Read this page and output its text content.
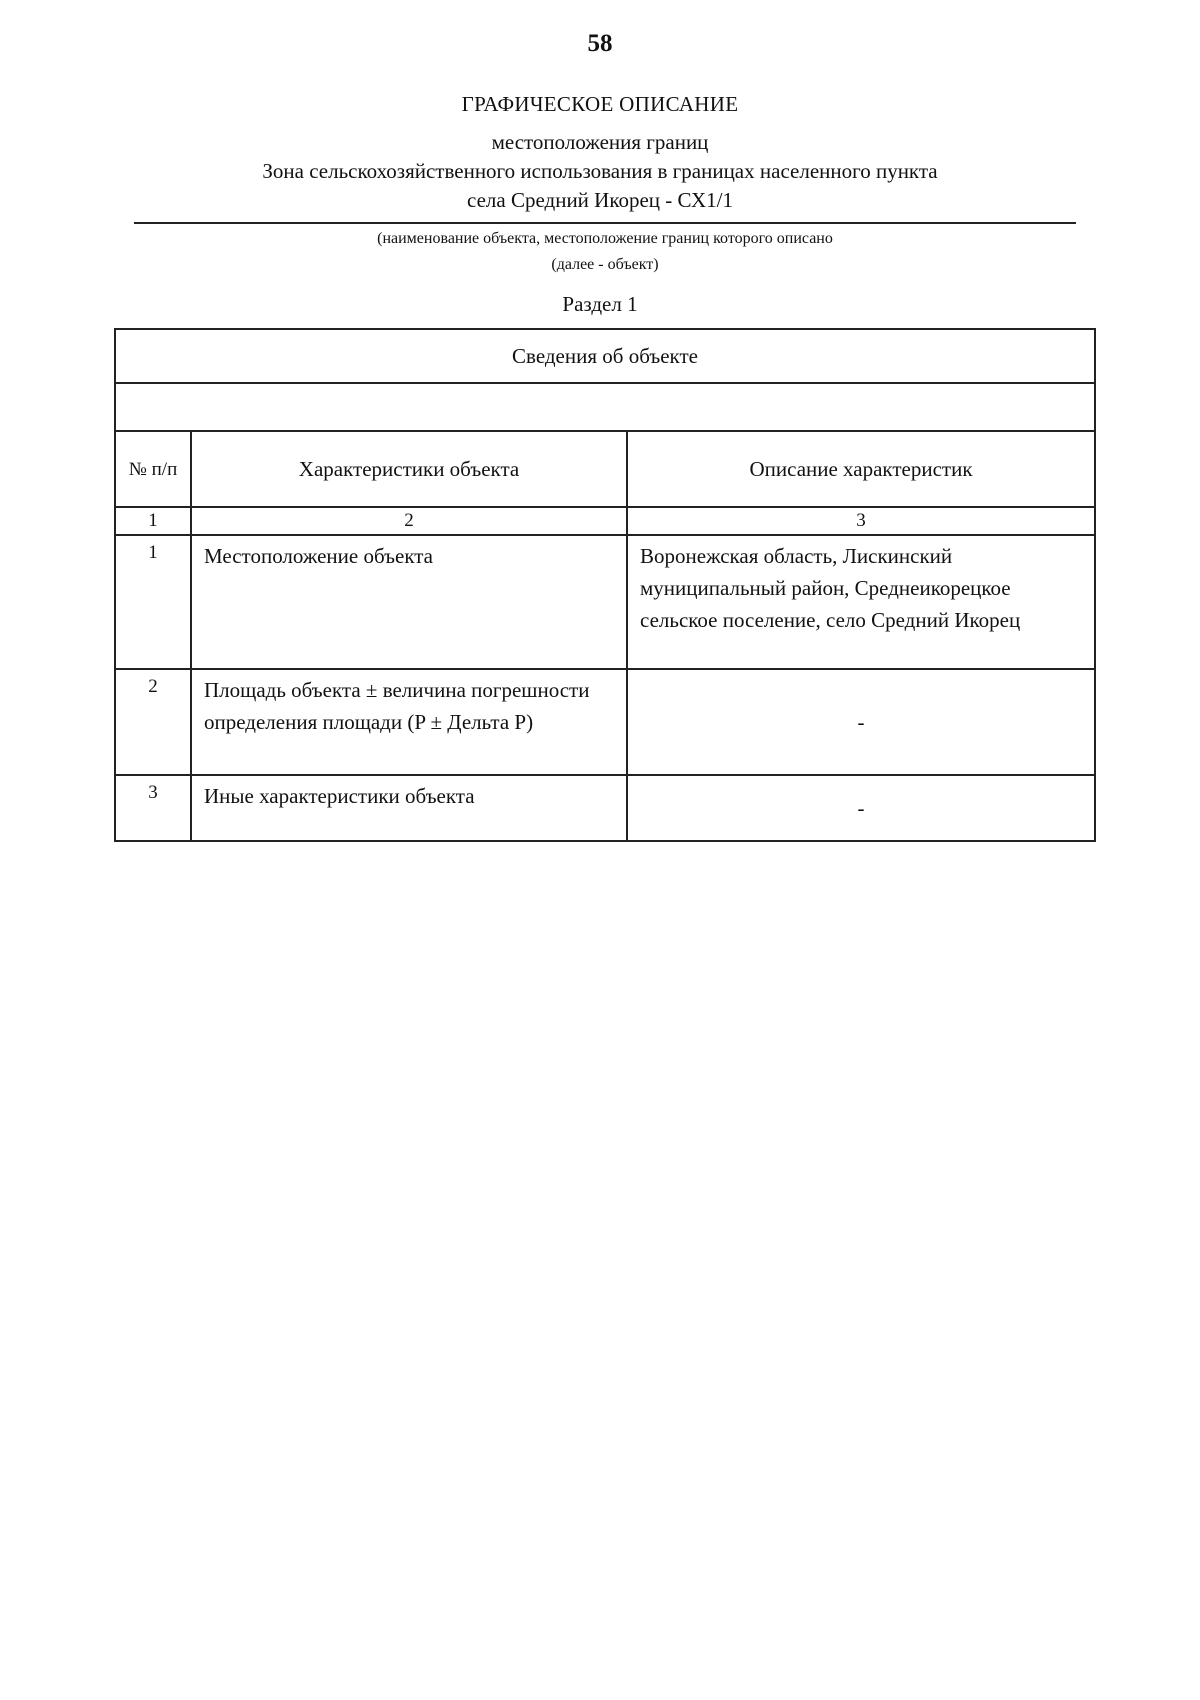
58
ГРАФИЧЕСКОЕ ОПИСАНИЕ
местоположения границ
Зона сельскохозяйственного использования в границах населенного пункта
села Средний Икорец - СХ1/1
(наименование объекта, местоположение границ которого описано
(далее - объект)
Раздел 1
Сведения об объекте		

№ п/п	Характеристики объекта	Описание характеристик
1	2	3
1	Местоположение объекта	Воронежская область, Лискинский муниципальный район, Среднеикорецкое сельское поселение, село Средний Икорец
2	Площадь объекта ± величина погрешности определения площади (P ± Дельта P)	-
3	Иные характеристики объекта	-
